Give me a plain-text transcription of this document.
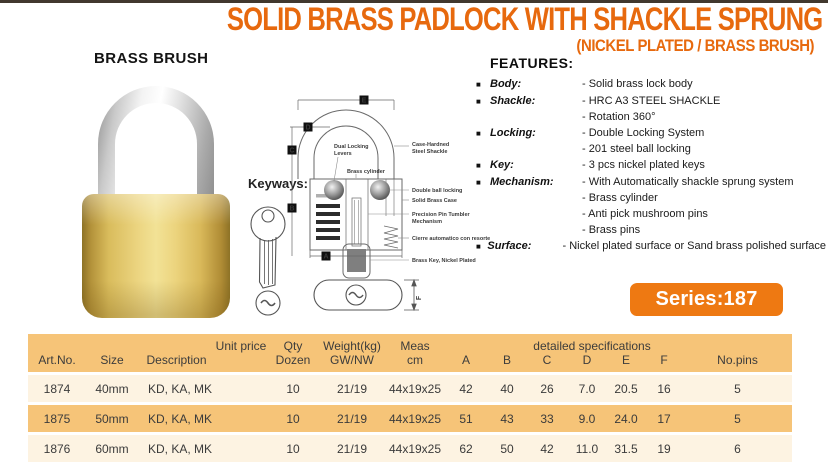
SOLID BRASS PADLOCK WITH SHACKLE SPRUNG
(NICKEL PLATED / BRASS BRUSH)
BRASS BRUSH
Keyways:
E
D
C
B
A
Case-Hardned
Steel Shackle
Double ball locking
Solid Brass Case
Precision Pin Tumbler
Mechanism
Cierre automatico con resorte
Brass Key, Nickel Plated
Dual Locking
Levers
Brass cylinder
F
FEATURES:
■ Body:	- Solid brass lock body
■ Shackle:	- HRC A3 STEEL SHACKLE
- Rotation 360°
■ Locking:	- Double Locking System
- 201 steel ball locking
■ Key:	- 3 pcs nickel plated keys
■ Mechanism:	- With Automatically shackle sprung system
- Brass cylinder
- Anti pick mushroom pins
- Brass pins
■ Surface:	- Nickel plated surface or Sand brass polished surface
Series:187
detailed specifications
Art.No.	Size	Description
Unit price	Qty
Dozen
Weight(kg)
GW/NW
Meas
cm	A	B	C	D	E	F	No.pins
1874	40mm	KD, KA, MK	10	21/19	44x19x25	42	40	26	7.0	20.5	16	5
1875	50mm	KD, KA, MK	10	21/19	44x19x25	51	43	33	9.0	24.0	17	5
1876	60mm	KD, KA, MK	10	21/19	44x19x25	62	50	42	11.0	31.5	19	6
